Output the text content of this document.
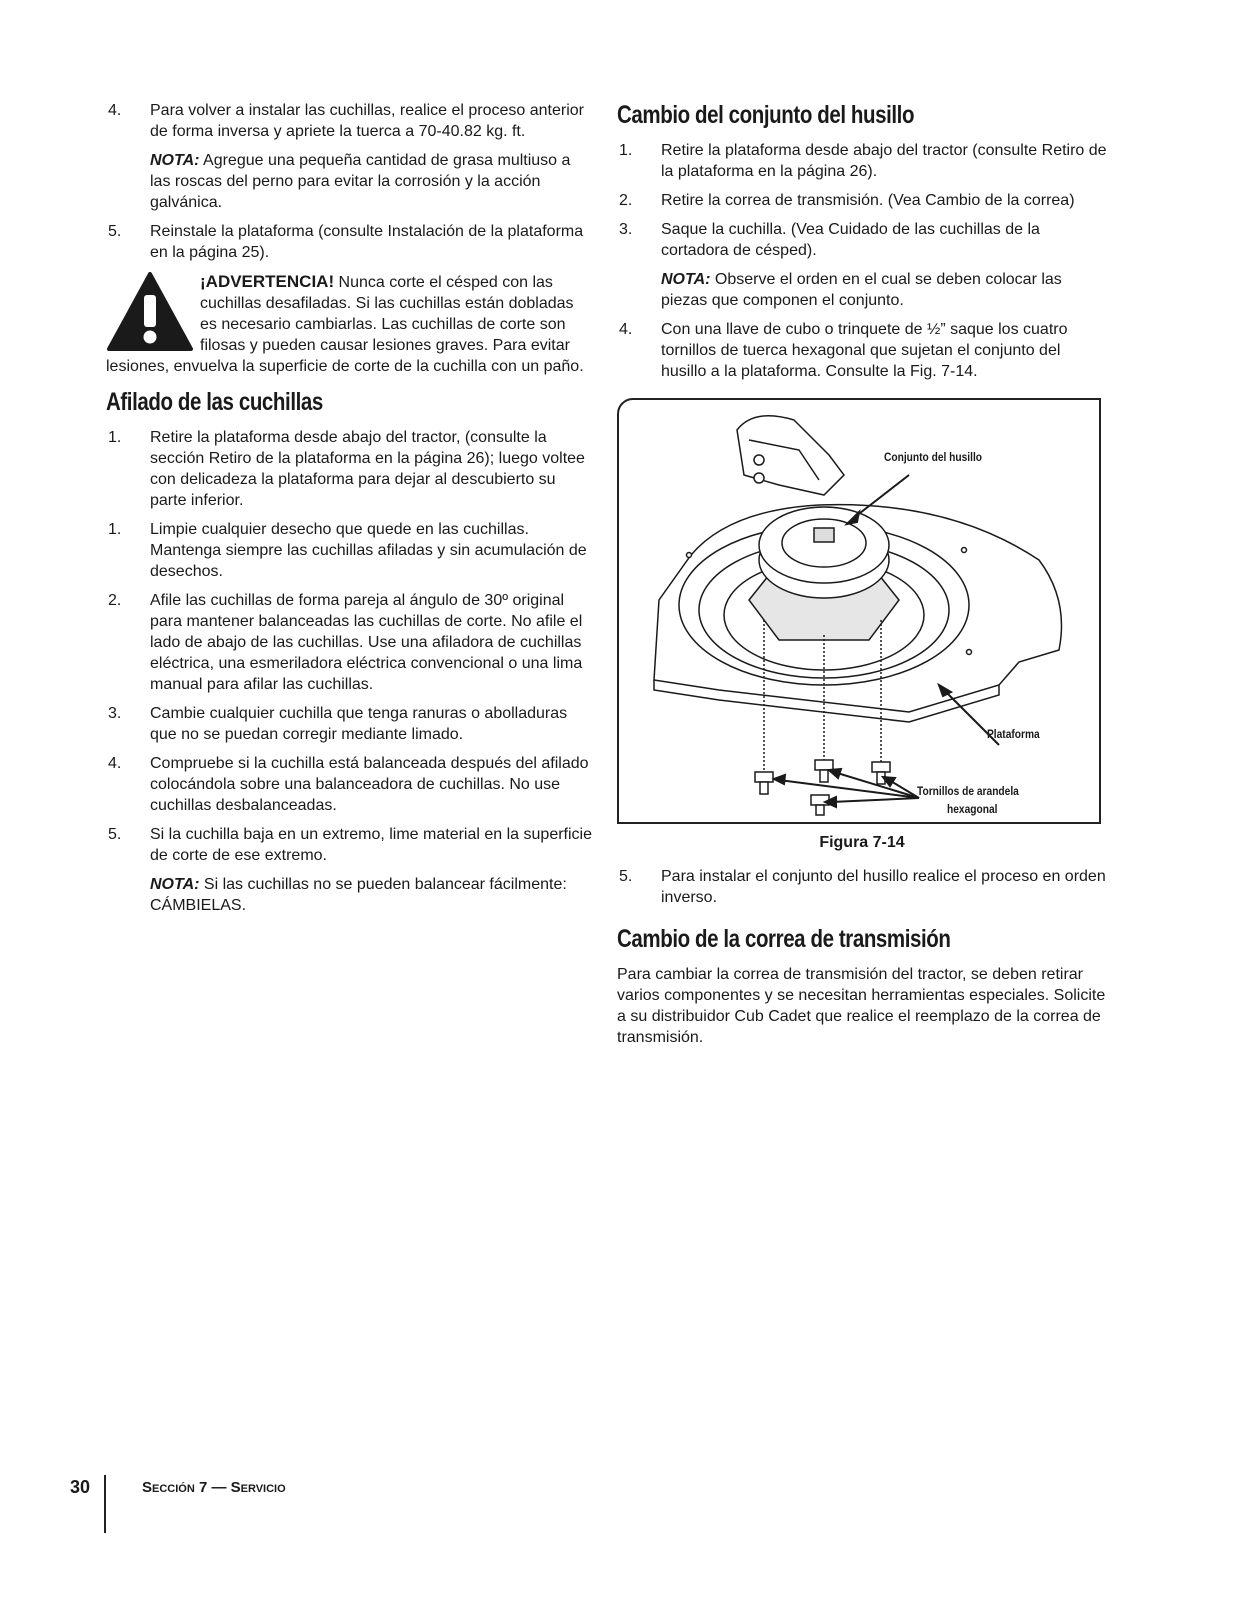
4. Para volver a instalar las cuchillas, realice el proceso anterior de forma inversa y apriete la tuerca a 70-40.82 kg. ft.
NOTA: Agregue una pequeña cantidad de grasa multiuso a las roscas del perno para evitar la corrosión y la acción galvánica.
5. Reinstale la plataforma (consulte Instalación de la plataforma en la página 25).
¡ADVERTENCIA! Nunca corte el césped con las cuchillas desafiladas. Si las cuchillas están dobladas es necesario cambiarlas. Las cuchillas de corte son filosas y pueden causar lesiones graves. Para evitar lesiones, envuelva la superficie de corte de la cuchilla con un paño.
Afilado de las cuchillas
1. Retire la plataforma desde abajo del tractor, (consulte la sección Retiro de la plataforma en la página 26); luego voltee con delicadeza la plataforma para dejar al descubierto su parte inferior.
1. Limpie cualquier desecho que quede en las cuchillas. Mantenga siempre las cuchillas afiladas y sin acumulación de desechos.
2. Afile las cuchillas de forma pareja al ángulo de 30º original para mantener balanceadas las cuchillas de corte. No afile el lado de abajo de las cuchillas. Use una afiladora de cuchillas eléctrica, una esmeriladora eléctrica convencional o una lima manual para afilar las cuchillas.
3. Cambie cualquier cuchilla que tenga ranuras o abolladuras que no se puedan corregir mediante limado.
4. Compruebe si la cuchilla está balanceada después del afilado colocándola sobre una balanceadora de cuchillas. No use cuchillas desbalanceadas.
5. Si la cuchilla baja en un extremo, lime material en la superficie de corte de ese extremo.
NOTA: Si las cuchillas no se pueden balancear fácilmente: CÁMBIELAS.
Cambio del conjunto del husillo
1. Retire la plataforma desde abajo del tractor (consulte Retiro de la plataforma en la página 26).
2. Retire la correa de transmisión. (Vea Cambio de la correa)
3. Saque la cuchilla. (Vea Cuidado de las cuchillas de la cortadora de césped).
NOTA: Observe el orden en el cual se deben colocar las piezas que componen el conjunto.
4. Con una llave de cubo o trinquete de ½” saque los cuatro tornillos de tuerca hexagonal que sujetan el conjunto del husillo a la plataforma. Consulte la Fig. 7-14.
Conjunto del husillo
Plataforma
Tornillos de arandela
hexagonal
Figura 7-14
5. Para instalar el conjunto del husillo realice el proceso en orden inverso.
Cambio de la correa de transmisión
Para cambiar la correa de transmisión del tractor, se deben retirar varios componentes y se necesitan herramientas especiales. Solicite a su distribuidor Cub Cadet que realice el reemplazo de la correa de transmisión.
30	Sección 7 — Servicio
